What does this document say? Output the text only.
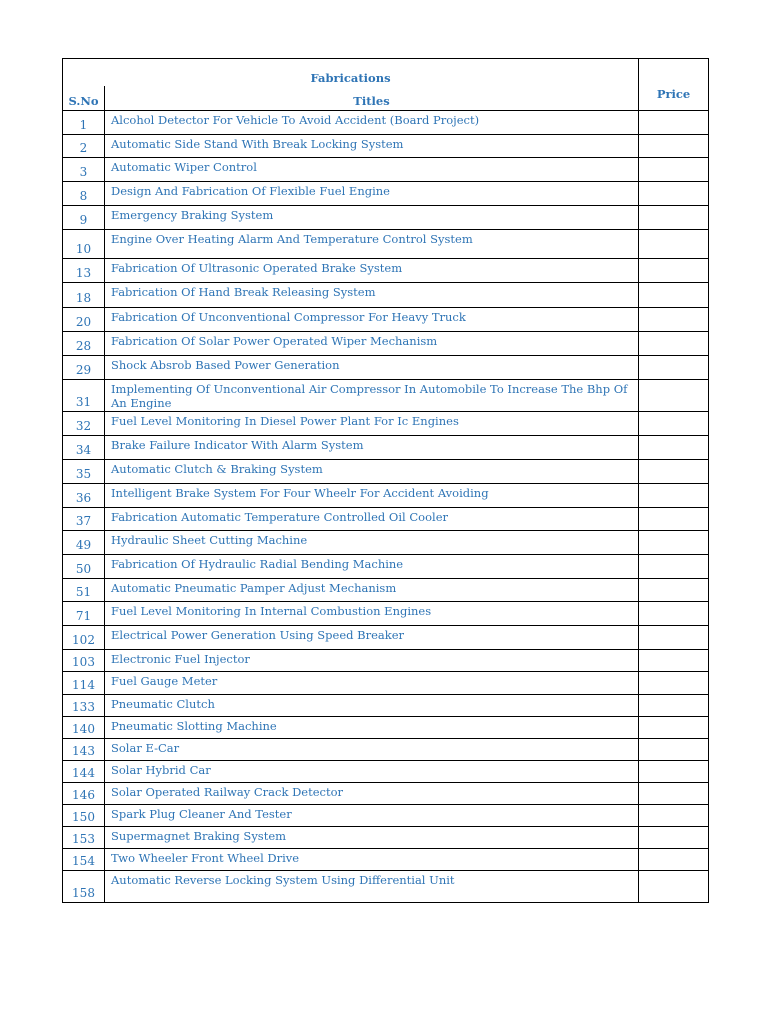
Fabrications		Price
S.No	Titles	
1	Alcohol Detector For Vehicle To Avoid Accident (Board Project)	
2	Automatic Side Stand With Break Locking System	
3	Automatic Wiper Control	
8	Design And Fabrication Of Flexible Fuel Engine	
9	Emergency Braking System	
10	Engine Over Heating Alarm And Temperature Control System	
13	Fabrication Of Ultrasonic Operated Brake System	
18	Fabrication Of Hand Break Releasing System	
20	Fabrication Of Unconventional Compressor For Heavy Truck	
28	Fabrication Of Solar Power Operated Wiper Mechanism	
29	Shock Absrob Based Power Generation	
31	Implementing Of Unconventional Air Compressor In Automobile To Increase The Bhp Of An Engine	
32	Fuel Level Monitoring In Diesel Power Plant For Ic Engines	
34	Brake Failure Indicator With Alarm System	
35	Automatic Clutch & Braking System	
36	Intelligent Brake System For Four Wheelr For Accident Avoiding	
37	Fabrication Automatic Temperature Controlled Oil Cooler	
49	Hydraulic Sheet Cutting Machine	
50	Fabrication Of Hydraulic Radial Bending Machine	
51	Automatic Pneumatic Pamper Adjust Mechanism	
71	Fuel Level Monitoring In Internal Combustion Engines	
102	Electrical Power Generation Using Speed Breaker	
103	Electronic Fuel Injector	
114	Fuel Gauge Meter	
133	Pneumatic Clutch	
140	Pneumatic Slotting Machine	
143	Solar E-Car	
144	Solar Hybrid Car	
146	Solar Operated Railway Crack Detector	
150	Spark Plug Cleaner And Tester	
153	Supermagnet Braking System	
154	Two Wheeler Front Wheel Drive	
158	Automatic Reverse Locking System Using Differential Unit	
